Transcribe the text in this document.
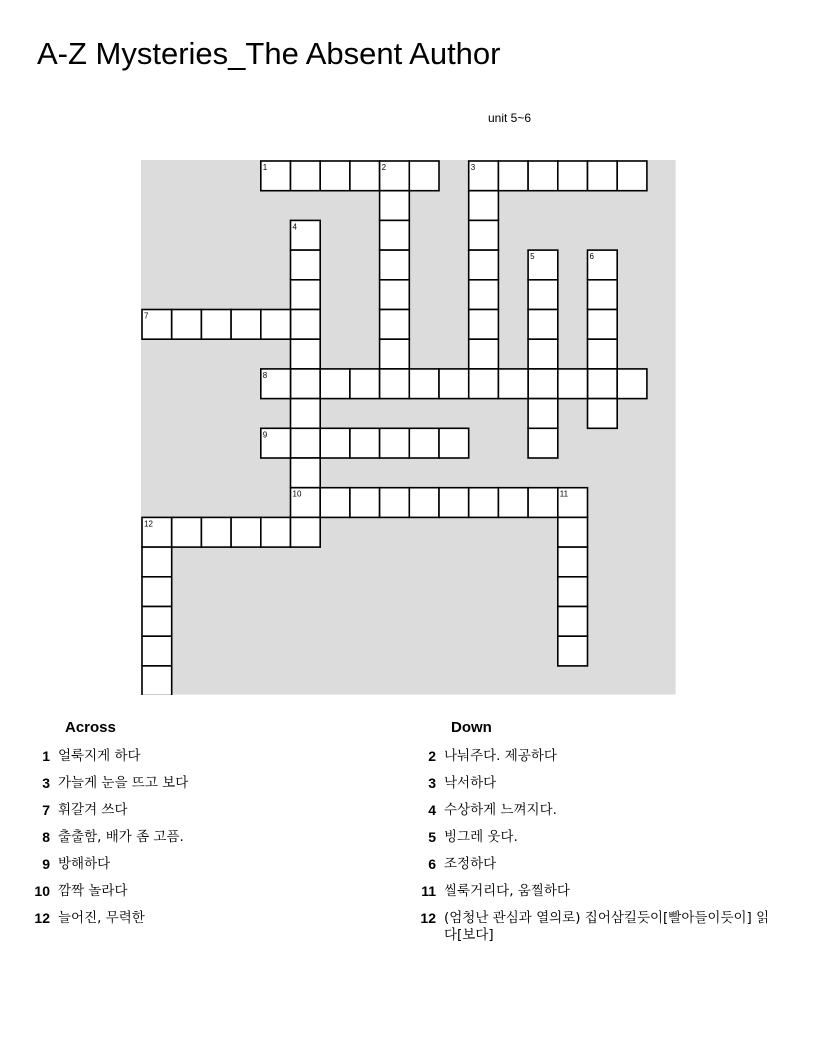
A-Z Mysteries_The Absent Author
unit 5~6
1	2	3
4
5	6
7
8
9
10	11
12
Across	Down
1 얼룩지게 하다
3 가늘게 눈을 뜨고 보다
7 휘갈겨 쓰다
8 출출함, 배가 좀 고픔.
9 방해하다
10 깜짝 놀라다
12 늘어진, 무력한
2 나눠주다. 제공하다
3 낙서하다
4 수상하게 느껴지다.
5 빙그레 웃다.
6 조정하다
11 씰룩거리다, 움찔하다
12 (엄청난 관심과 열의로) 집어삼킬듯이[빨아들이듯이] 읽다[보다]
